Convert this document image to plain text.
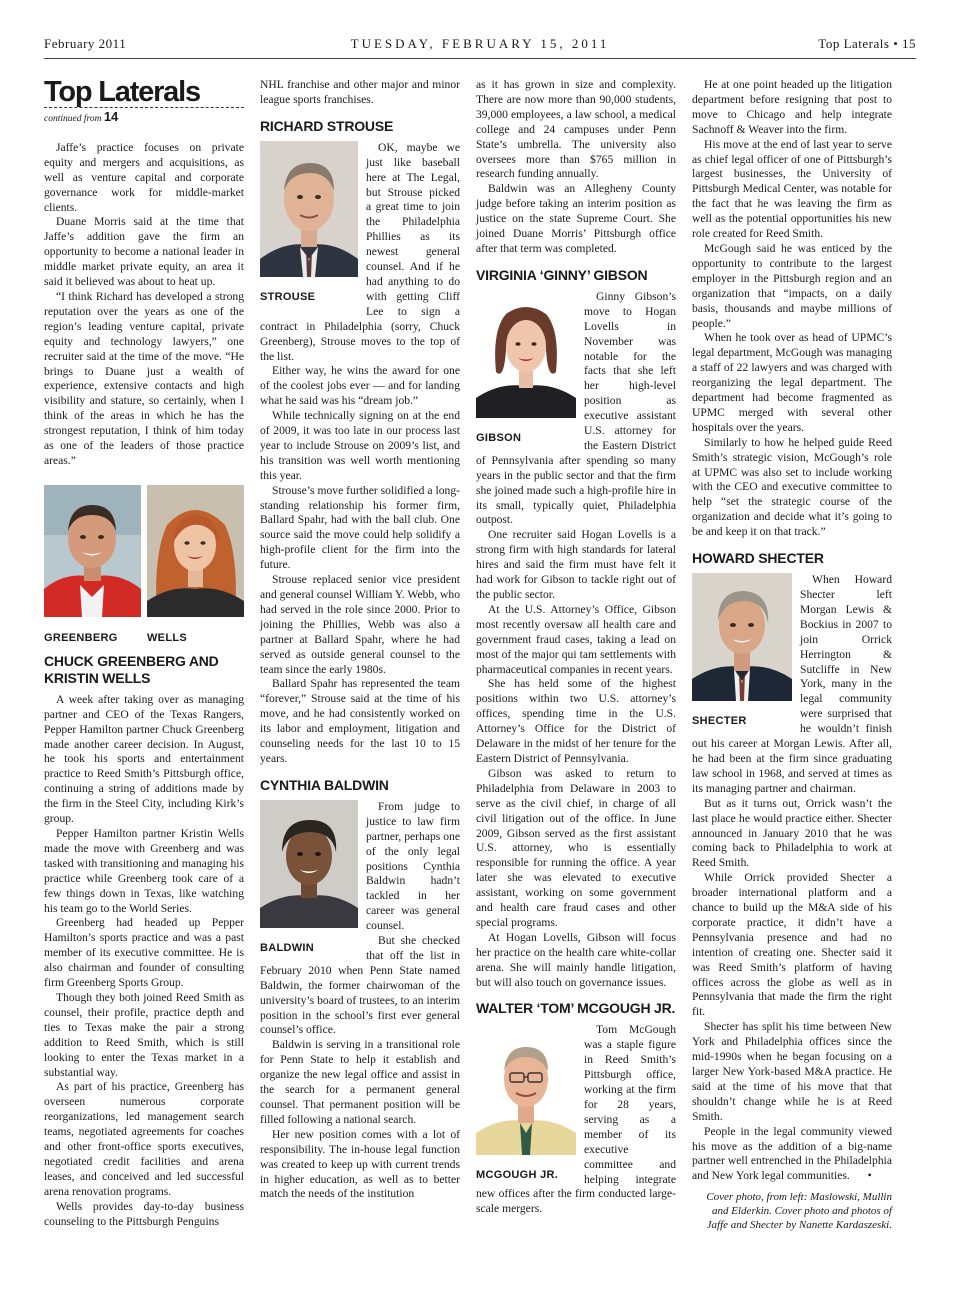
February 2011	TUESDAY, FEBRUARY 15, 2011	Top Laterals • 15
Top Laterals
continued from 14

Jaffe’s practice focuses on private equity and mergers and acquisitions, as well as venture capital and corporate governance work for middle-market clients.

Duane Morris said at the time that Jaffe’s addition gave the firm an opportunity to become a national leader in middle market private equity, an area it said it believed was about to heat up.

“I think Richard has developed a strong reputation over the years as one of the region’s leading venture capital, private equity and technology lawyers,” one recruiter said at the time of the move. “He brings to Duane just a wealth of experience, extensive contacts and high visibility and stature, so certainly, when I think of the areas in which he has the strongest reputation, I think of him today as one of the leaders of those practice areas.”

GREENBERG	WELLS
CHUCK GREENBERG AND KRISTIN WELLS

A week after taking over as managing partner and CEO of the Texas Rangers, Pepper Hamilton partner Chuck Greenberg made another career decision. In August, he took his sports and entertainment practice to Reed Smith’s Pittsburgh office, continuing a string of additions made by the firm in the Steel City, including Kirk’s group.

Pepper Hamilton partner Kristin Wells made the move with Greenberg and was tasked with transitioning and managing his practice while Greenberg took care of a few things down in Texas, like watching his team go to the World Series.

Greenberg had headed up Pepper Hamilton’s sports practice and was a past member of its executive committee. He is also chairman and founder of consulting firm Greenberg Sports Group.

Though they both joined Reed Smith as counsel, their profile, practice depth and ties to Texas make the pair a strong addition to Reed Smith, which is still looking to enter the Texas market in a substantial way.

As part of his practice, Greenberg has overseen numerous corporate reorganizations, led management search teams, negotiated agreements for coaches and other front-office sports executives, negotiated credit facilities and arena leases, and conceived and led successful arena renovation programs.

Wells provides day-to-day business counseling to the Pittsburgh Penguins

NHL franchise and other major and minor league sports franchises.

RICHARD STROUSE
STROUSE

OK, maybe we just like baseball here at The Legal, but Strouse picked a great time to join the Philadelphia Phillies as its newest general counsel. And if he had anything to do with getting Cliff Lee to sign a contract in Philadelphia (sorry, Chuck Greenberg), Strouse moves to the top of the list.

Either way, he wins the award for one of the coolest jobs ever — and for landing what he said was his “dream job.”

While technically signing on at the end of 2009, it was too late in our process last year to include Strouse on 2009’s list, and his transition was well worth mentioning this year.

Strouse’s move further solidified a long-standing relationship his former firm, Ballard Spahr, had with the ball club. One source said the move could help solidify a high-profile client for the firm into the future.

Strouse replaced senior vice president and general counsel William Y. Webb, who had served in the role since 2000. Prior to joining the Phillies, Webb was also a partner at Ballard Spahr, where he had served as outside general counsel to the team since the early 1980s.

Ballard Spahr has represented the team “forever,” Strouse said at the time of his move, and he had consistently worked on its labor and employment, litigation and counseling needs for the last 10 to 15 years.

CYNTHIA BALDWIN
BALDWIN

From judge to justice to law firm partner, perhaps one of the only legal positions Cynthia Baldwin hadn’t tackled in her career was general counsel.

But she checked that off the list in February 2010 when Penn State named Baldwin, the former chairwoman of the university’s board of trustees, to an interim position in the school’s first ever general counsel’s office.

Baldwin is serving in a transitional role for Penn State to help it establish and organize the new legal office and assist in the search for a permanent general counsel. That permanent position will be filled following a national search.

Her new position comes with a lot of responsibility. The in-house legal function was created to keep up with current trends in higher education, as well as to better match the needs of the institution

as it has grown in size and complexity. There are now more than 90,000 students, 39,000 employees, a law school, a medical college and 24 campuses under Penn State’s umbrella. The university also oversees more than $765 million in research funding annually.

Baldwin was an Allegheny County judge before taking an interim position as justice on the state Supreme Court. She joined Duane Morris’ Pittsburgh office after that term was completed.

VIRGINIA ‘GINNY’ GIBSON
GIBSON

Ginny Gibson’s move to Hogan Lovells in November was notable for the facts that she left her high-level position as executive assistant U.S. attorney for the Eastern District of Pennsylvania after spending so many years in the public sector and that the firm she joined made such a high-profile hire in its small, typically quiet, Philadelphia outpost.

One recruiter said Hogan Lovells is a strong firm with high standards for lateral hires and said the firm must have felt it had work for Gibson to tackle right out of the public sector.

At the U.S. Attorney’s Office, Gibson most recently oversaw all health care and government fraud cases, taking a lead on most of the major qui tam settlements with pharmaceutical companies in recent years.

She has held some of the highest positions within two U.S. attorney’s offices, spending time in the U.S. Attorney’s Office for the District of Delaware in the midst of her tenure for the Eastern District of Pennsylvania.

Gibson was asked to return to Philadelphia from Delaware in 2003 to serve as the civil chief, in charge of all civil litigation out of the office. In June 2009, Gibson served as the first assistant U.S. attorney, who is essentially responsible for running the office. A year later she was elevated to executive assistant, working on some government and health care fraud cases and other special programs.

At Hogan Lovells, Gibson will focus her practice on the health care white-collar arena. She will mainly handle litigation, but will also touch on governance issues.

WALTER ‘TOM’ MCGOUGH JR.
MCGOUGH JR.

Tom McGough was a staple figure in Reed Smith’s Pittsburgh office, working at the firm for 28 years, serving as a member of its executive committee and helping integrate new offices after the firm conducted large-scale mergers.

He at one point headed up the litigation department before resigning that post to move to Chicago and help integrate Sachnoff & Weaver into the firm.

His move at the end of last year to serve as chief legal officer of one of Pittsburgh’s largest businesses, the University of Pittsburgh Medical Center, was notable for the fact that he was leaving the firm as well as the potential opportunities his new role created for Reed Smith.

McGough said he was enticed by the opportunity to contribute to the largest employer in the Pittsburgh region and an organization that “impacts, on a daily basis, thousands and maybe millions of people.”

When he took over as head of UPMC’s legal department, McGough was managing a staff of 22 lawyers and was charged with reorganizing the legal department. The department had become fragmented as UPMC merged with several other hospitals over the years.

Similarly to how he helped guide Reed Smith’s strategic vision, McGough’s role at UPMC was also set to include working with the CEO and executive committee to help “set the strategic course of the organization and decide what it’s going to be and keep it on that track.”

HOWARD SHECTER
SHECTER

When Howard Shecter left Morgan Lewis & Bockius in 2007 to join Orrick Herrington & Sutcliffe in New York, many in the legal community were surprised that he wouldn’t finish out his career at Morgan Lewis. After all, he had been at the firm since graduating law school in 1968, and served at times as its managing partner and chairman.

But as it turns out, Orrick wasn’t the last place he would practice either. Shecter announced in January 2010 that he was coming back to Philadelphia to work at Reed Smith.

While Orrick provided Shecter a broader international platform and a chance to build up the M&A side of his corporate practice, it didn’t have a Pennsylvania presence and had no intention of creating one. Shecter said it was Reed Smith’s platform of having offices across the globe as well as in Pennsylvania that made the firm the right fit.

Shecter has split his time between New York and Philadelphia offices since the mid-1990s when he began focusing on a larger New York-based M&A practice. He said at the time of his move that that shouldn’t change while he is at Reed Smith.

People in the legal community viewed his move as the addition of a big-name partner well entrenched in the Philadelphia and New York legal communities.  •

Cover photo, from left: Maslowski, Mullin and Elderkin. Cover photo and photos of Jaffe and Shecter by Nanette Kardaszeski.
